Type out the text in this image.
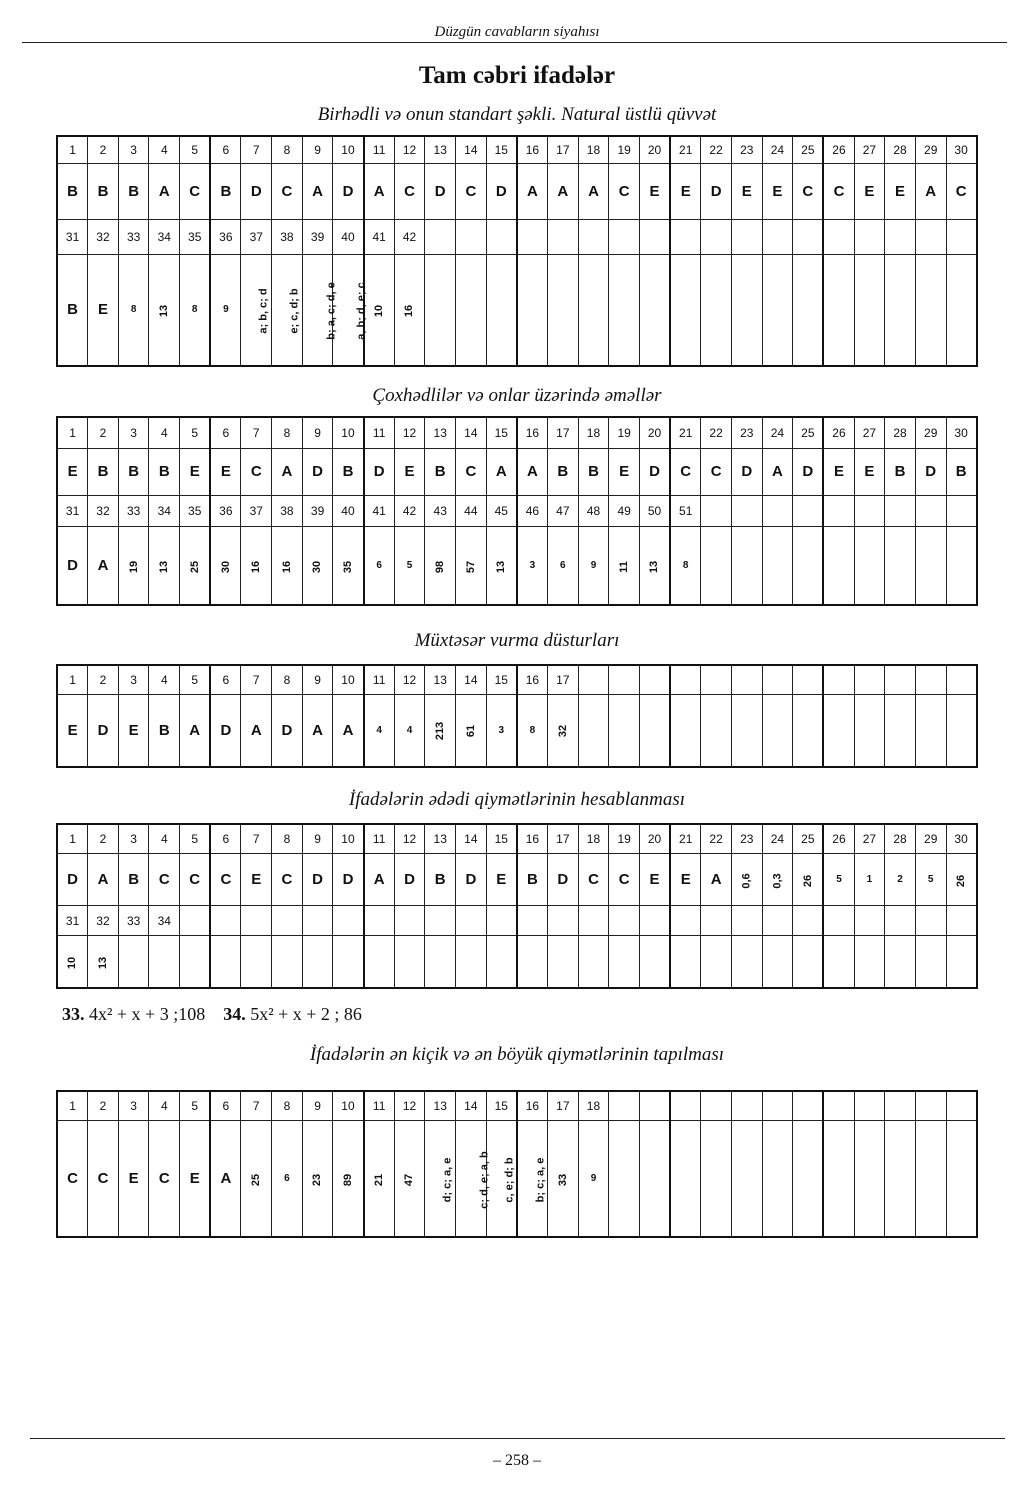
Düzgün cavabların siyahısı
Tam cəbri ifadələr
Birhədli və onun standart şəkli. Natural üstlü qüvvət
1	2	3	4	5	6	7	8	9	10	11	12	13	14	15	16	17	18	19	20	21	22	23	24	25	26	27	28	29	30
B	B	B	A	C	B	D	C	A	D	A	C	D	C	D	A	A	A	C	E	E	D	E	E	C	C	E	E	A	C
31	32	33	34	35	36	37	38	39	40	41	42																		
B	E	8	13	8	9	a; b, c; d	e; c, d; b	b; a, c; d, e	a, b; d, e; c	10	16																		
Çoxhədlilər və onlar üzərində əməllər
1	2	3	4	5	6	7	8	9	10	11	12	13	14	15	16	17	18	19	20	21	22	23	24	25	26	27	28	29	30
E	B	B	B	E	E	C	A	D	B	D	E	B	C	A	A	B	B	E	D	C	C	D	A	D	E	E	B	D	B
31	32	33	34	35	36	37	38	39	40	41	42	43	44	45	46	47	48	49	50	51									
D	A	19	13	25	30	16	16	30	35	6	5	98	57	13	3	6	9	11	13	8									
Müxtəsər vurma düsturları
1	2	3	4	5	6	7	8	9	10	11	12	13	14	15	16	17													
E	D	E	B	A	D	A	D	A	A	4	4	213	61	3	8	32													
İfadələrin ədədi qiymətlərinin hesablanması
1	2	3	4	5	6	7	8	9	10	11	12	13	14	15	16	17	18	19	20	21	22	23	24	25	26	27	28	29	30
D	A	B	C	C	C	E	C	D	D	A	D	B	D	E	B	D	C	C	E	E	A	0,6	0,3	26	5	1	2	5	26
31	32	33	34																										
10	13																												
33. 4x² + x + 3 ;108 34. 5x² + x + 2 ; 86
İfadələrin ən kiçik və ən böyük qiymətlərinin tapılması
1	2	3	4	5	6	7	8	9	10	11	12	13	14	15	16	17	18												
C	C	E	C	E	A	25	6	23	89	21	47	d; c; a, e	c; d, e; a, b	c, e; d; b	b; c; a, e	33	9												
– 258 –
